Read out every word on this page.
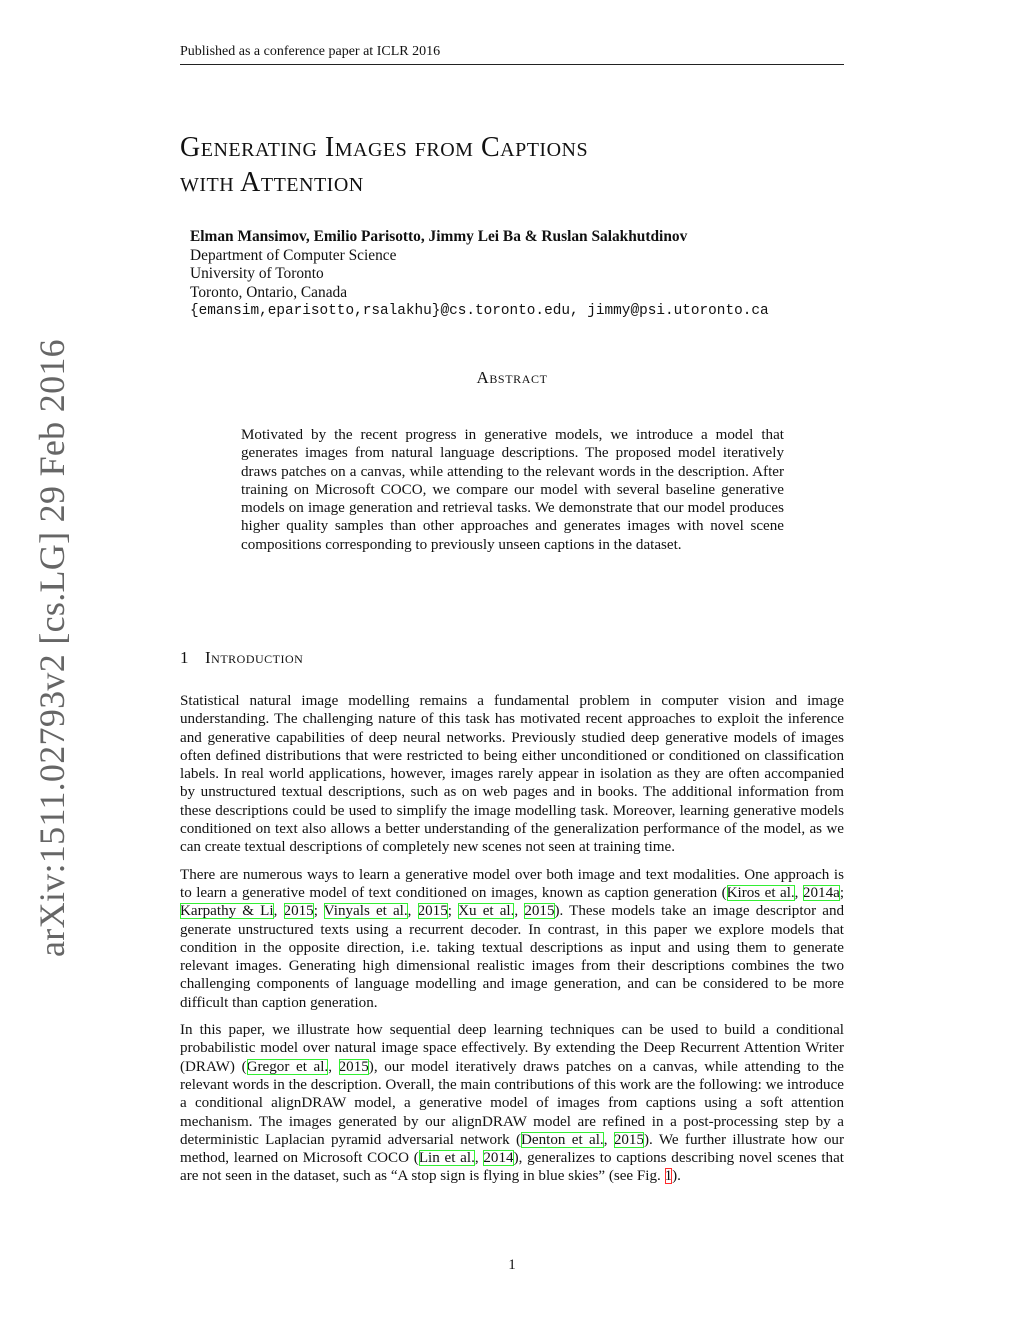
Published as a conference paper at ICLR 2016
arXiv:1511.02793v2 [cs.LG] 29 Feb 2016
Generating Images from Captions
with Attention
Elman Mansimov, Emilio Parisotto, Jimmy Lei Ba & Ruslan Salakhutdinov
Department of Computer Science
University of Toronto
Toronto, Ontario, Canada
{emansim,eparisotto,rsalakhu}@cs.toronto.edu, jimmy@psi.utoronto.ca
Abstract
Motivated by the recent progress in generative models, we introduce a model that generates images from natural language descriptions. The proposed model iteratively draws patches on a canvas, while attending to the relevant words in the description. After training on Microsoft COCO, we compare our model with several baseline generative models on image generation and retrieval tasks. We demonstrate that our model produces higher quality samples than other approaches and generates images with novel scene compositions corresponding to previously unseen captions in the dataset.
1 Introduction

Statistical natural image modelling remains a fundamental problem in computer vision and image understanding. The challenging nature of this task has motivated recent approaches to exploit the inference and generative capabilities of deep neural networks. Previously studied deep generative models of images often defined distributions that were restricted to being either unconditioned or conditioned on classification labels. In real world applications, however, images rarely appear in isolation as they are often accompanied by unstructured textual descriptions, such as on web pages and in books. The additional information from these descriptions could be used to simplify the image modelling task. Moreover, learning generative models conditioned on text also allows a better understanding of the generalization performance of the model, as we can create textual descriptions of completely new scenes not seen at training time.

There are numerous ways to learn a generative model over both image and text modalities. One approach is to learn a generative model of text conditioned on images, known as caption generation (Kiros et al., 2014a; Karpathy & Li, 2015; Vinyals et al., 2015; Xu et al., 2015). These models take an image descriptor and generate unstructured texts using a recurrent decoder. In contrast, in this paper we explore models that condition in the opposite direction, i.e. taking textual descriptions as input and using them to generate relevant images. Generating high dimensional realistic images from their descriptions combines the two challenging components of language modelling and image generation, and can be considered to be more difficult than caption generation.

In this paper, we illustrate how sequential deep learning techniques can be used to build a conditional probabilistic model over natural image space effectively. By extending the Deep Recurrent Attention Writer (DRAW) (Gregor et al., 2015), our model iteratively draws patches on a canvas, while attending to the relevant words in the description. Overall, the main contributions of this work are the following: we introduce a conditional alignDRAW model, a generative model of images from captions using a soft attention mechanism. The images generated by our alignDRAW model are refined in a post-processing step by a deterministic Laplacian pyramid adversarial network (Denton et al., 2015). We further illustrate how our method, learned on Microsoft COCO (Lin et al., 2014), generalizes to captions describing novel scenes that are not seen in the dataset, such as “A stop sign is flying in blue skies” (see Fig. 1).

1
